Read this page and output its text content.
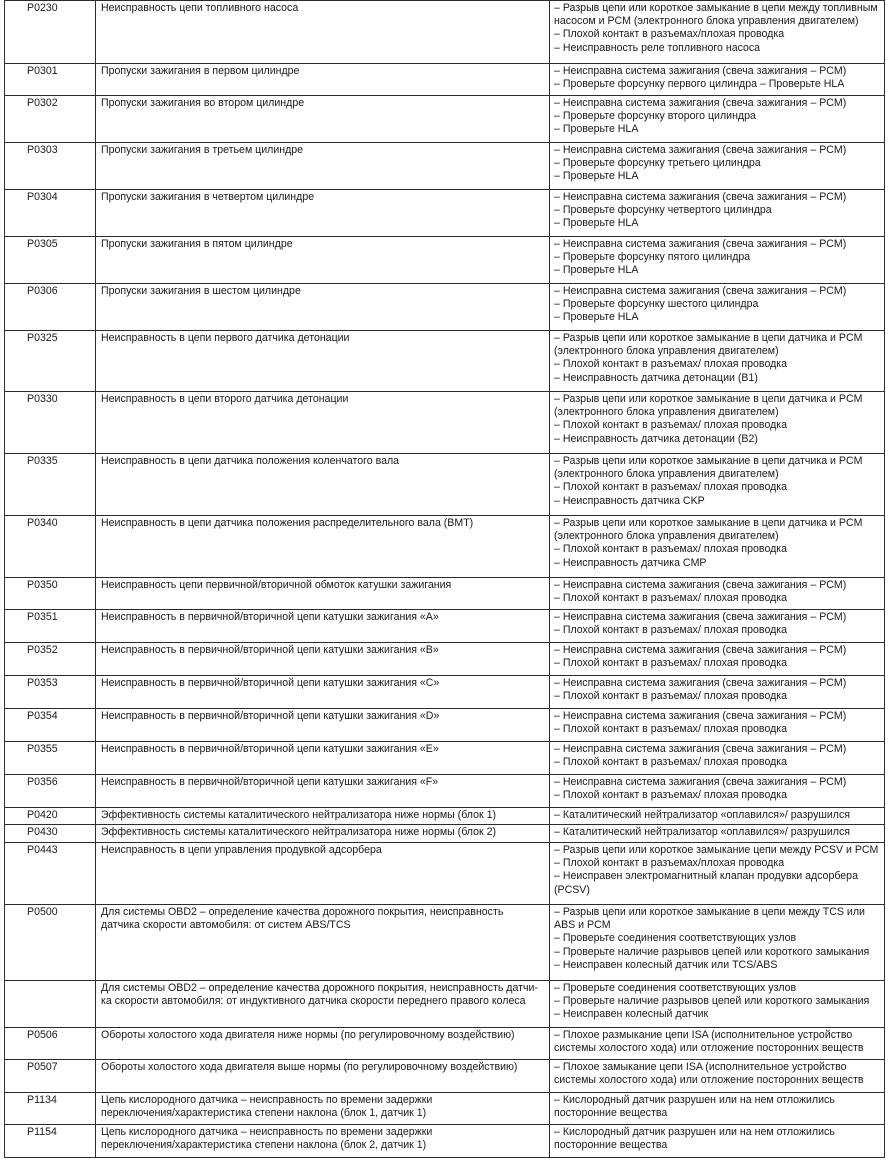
P0230	Неисправность цепи топливного насоса	– Разрыв цепи или короткое замыкание в цепи между топливным
насосом и PCM (электронного блока управления двигателем)
– Плохой контакт в разъемах/плохая проводка
– Неисправность реле топливного насоса

P0301	Пропуски зажигания в первом цилиндре	– Неисправна система зажигания (свеча зажигания – PCM)
– Проверьте форсунку первого цилиндра – Проверьте HLA

P0302	Пропуски зажигания во втором цилиндре	– Неисправна система зажигания (свеча зажигания – PCM)
– Проверьте форсунку второго цилиндра
– Проверьте HLA

P0303	Пропуски зажигания в третьем цилиндре	– Неисправна система зажигания (свеча зажигания – PCM)
– Проверьте форсунку третьего цилиндра
– Проверьте HLA

P0304	Пропуски зажигания в четвертом цилиндре	– Неисправна система зажигания (свеча зажигания – PCM)
– Проверьте форсунку четвертого цилиндра
– Проверьте HLA

P0305	Пропуски зажигания в пятом цилиндре	– Неисправна система зажигания (свеча зажигания – PCM)
– Проверьте форсунку пятого цилиндра
– Проверьте HLA

P0306	Пропуски зажигания в шестом цилиндре	– Неисправна система зажигания (свеча зажигания – PCM)
– Проверьте форсунку шестого цилиндра
– Проверьте HLA

P0325	Неисправность в цепи первого датчика детонации	– Разрыв цепи или короткое замыкание в цепи датчика и PCM
(электронного блока управления двигателем)
– Плохой контакт в разъемах/ плохая проводка
– Неисправность датчика детонации (B1)

P0330	Неисправность в цепи второго датчика детонации	– Разрыв цепи или короткое замыкание в цепи датчика и PCM
(электронного блока управления двигателем)
– Плохой контакт в разъемах/ плохая проводка
– Неисправность датчика детонации (B2)

P0335	Неисправность в цепи датчика положения коленчатого вала	– Разрыв цепи или короткое замыкание в цепи датчика и PCM
(электронного блока управления двигателем)
– Плохой контакт в разъемах/ плохая проводка
– Неисправность датчика CKP

P0340	Неисправность в цепи датчика положения распределительного вала (BMT)	– Разрыв цепи или короткое замыкание в цепи датчика и PCM
(электронного блока управления двигателем)
– Плохой контакт в разъемах/ плохая проводка
– Неисправность датчика CMP

P0350	Неисправность цепи первичной/вторичной обмоток катушки зажигания	– Неисправна система зажигания (свеча зажигания – PCM)
– Плохой контакт в разъемах/ плохая проводка

P0351	Неисправность в первичной/вторичной цепи катушки зажигания «A»	– Неисправна система зажигания (свеча зажигания – PCM)
– Плохой контакт в разъемах/ плохая проводка

P0352	Неисправность в первичной/вторичной цепи катушки зажигания «B»	– Неисправна система зажигания (свеча зажигания – PCM)
– Плохой контакт в разъемах/ плохая проводка

P0353	Неисправность в первичной/вторичной цепи катушки зажигания «C»	– Неисправна система зажигания (свеча зажигания – PCM)
– Плохой контакт в разъемах/ плохая проводка

P0354	Неисправность в первичной/вторичной цепи катушки зажигания «D»	– Неисправна система зажигания (свеча зажигания – PCM)
– Плохой контакт в разъемах/ плохая проводка

P0355	Неисправность в первичной/вторичной цепи катушки зажигания «E»	– Неисправна система зажигания (свеча зажигания – PCM)
– Плохой контакт в разъемах/ плохая проводка

P0356	Неисправность в первичной/вторичной цепи катушки зажигания «F»	– Неисправна система зажигания (свеча зажигания – PCM)
– Плохой контакт в разъемах/ плохая проводка

P0420	Эффективность системы каталитического нейтрализатора ниже нормы (блок 1)	– Каталитический нейтрализатор «оплавился»/ разрушился

P0430	Эффективность системы каталитического нейтрализатора ниже нормы (блок 2)	– Каталитический нейтрализатор «оплавился»/ разрушился

P0443	Неисправность в цепи управления продувкой адсорбера	– Разрыв цепи или короткое замыкание цепи между PCSV и PCM
– Плохой контакт в разъемах/плохая проводка
– Неисправен электромагнитный клапан продувки адсорбера
(PCSV)

P0500	Для системы OBD2 – определение качества дорожного покрытия, неисправность
датчика скорости автомобиля: от систем ABS/TCS	– Разрыв цепи или короткое замыкание в цепи между TCS или
ABS и PCM
– Проверьте соединения соответствующих узлов
– Проверьте наличие разрывов цепей или короткого замыкания
– Неисправен колесный датчик или TCS/ABS

	Для системы OBD2 – определение качества дорожного покрытия, неисправность датчи-
ка скорости автомобиля: от индуктивного датчика скорости переднего правого колеса	– Проверьте соединения соответствующих узлов
– Проверьте наличие разрывов цепей или короткого замыкания
– Неисправен колесный датчик

P0506	Обороты холостого хода двигателя ниже нормы (по регулировочному воздействию)	– Плохое размыкание цепи ISA (исполнительное устройство
системы холостого хода) или отложение посторонних веществ

P0507	Обороты холостого хода двигателя выше нормы (по регулировочному воздействию)	– Плохое замыкание цепи ISA (исполнительное устройство
системы холостого хода) или отложение посторонних веществ

P1134	Цепь кислородного датчика – неисправность по времени задержки
переключения/характеристика степени наклона (блок 1, датчик 1)	– Кислородный датчик разрушен или на нем отложились
посторонние вещества

P1154	Цепь кислородного датчика – неисправность по времени задержки
переключения/характеристика степени наклона (блок 2, датчик 1)	– Кислородный датчик разрушен или на нем отложились
посторонние вещества
